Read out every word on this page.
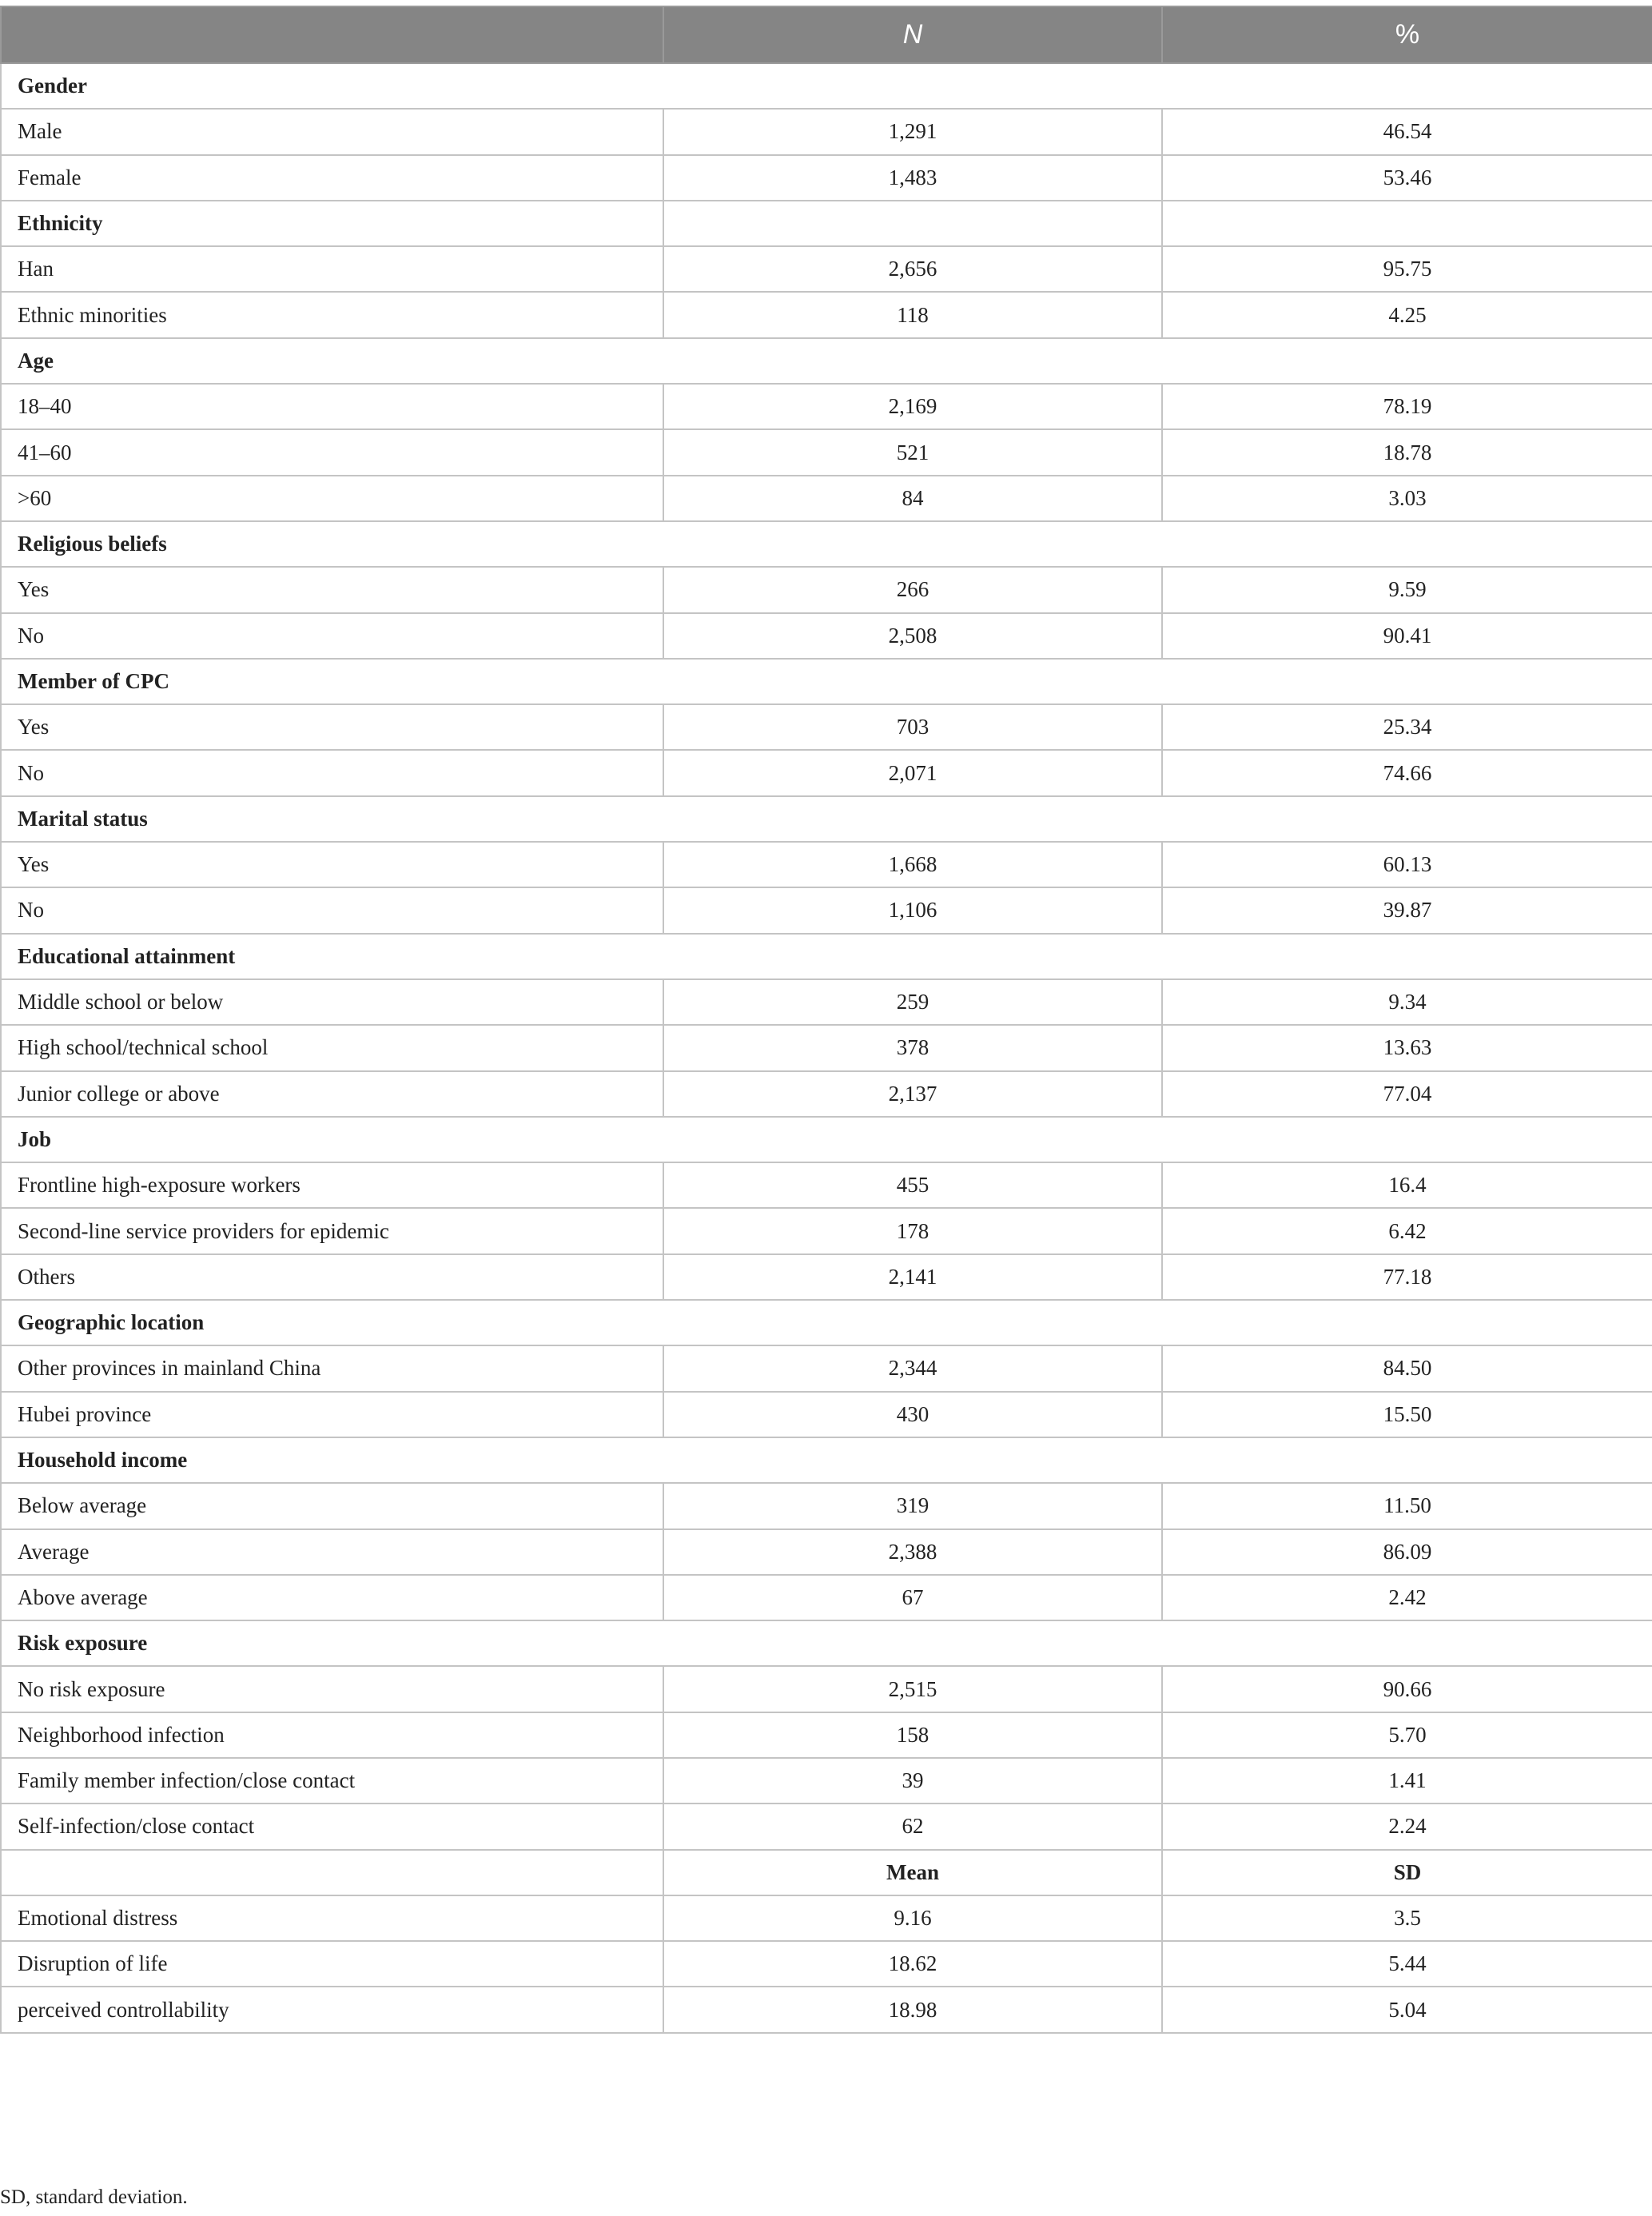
	N	%
Gender		
Male	1,291	46.54
Female	1,483	53.46
Ethnicity		
Han	2,656	95.75
Ethnic minorities	118	4.25
Age		
18–40	2,169	78.19
41–60	521	18.78
>60	84	3.03
Religious beliefs		
Yes	266	9.59
No	2,508	90.41
Member of CPC		
Yes	703	25.34
No	2,071	74.66
Marital status		
Yes	1,668	60.13
No	1,106	39.87
Educational attainment		
Middle school or below	259	9.34
High school/technical school	378	13.63
Junior college or above	2,137	77.04
Job		
Frontline high-exposure workers	455	16.4
Second-line service providers for epidemic	178	6.42
Others	2,141	77.18
Geographic location		
Other provinces in mainland China	2,344	84.50
Hubei province	430	15.50
Household income		
Below average	319	11.50
Average	2,388	86.09
Above average	67	2.42
Risk exposure		
No risk exposure	2,515	90.66
Neighborhood infection	158	5.70
Family member infection/close contact	39	1.41
Self-infection/close contact	62	2.24
	Mean	SD
Emotional distress	9.16	3.5
Disruption of life	18.62	5.44
perceived controllability	18.98	5.04
SD, standard deviation.
